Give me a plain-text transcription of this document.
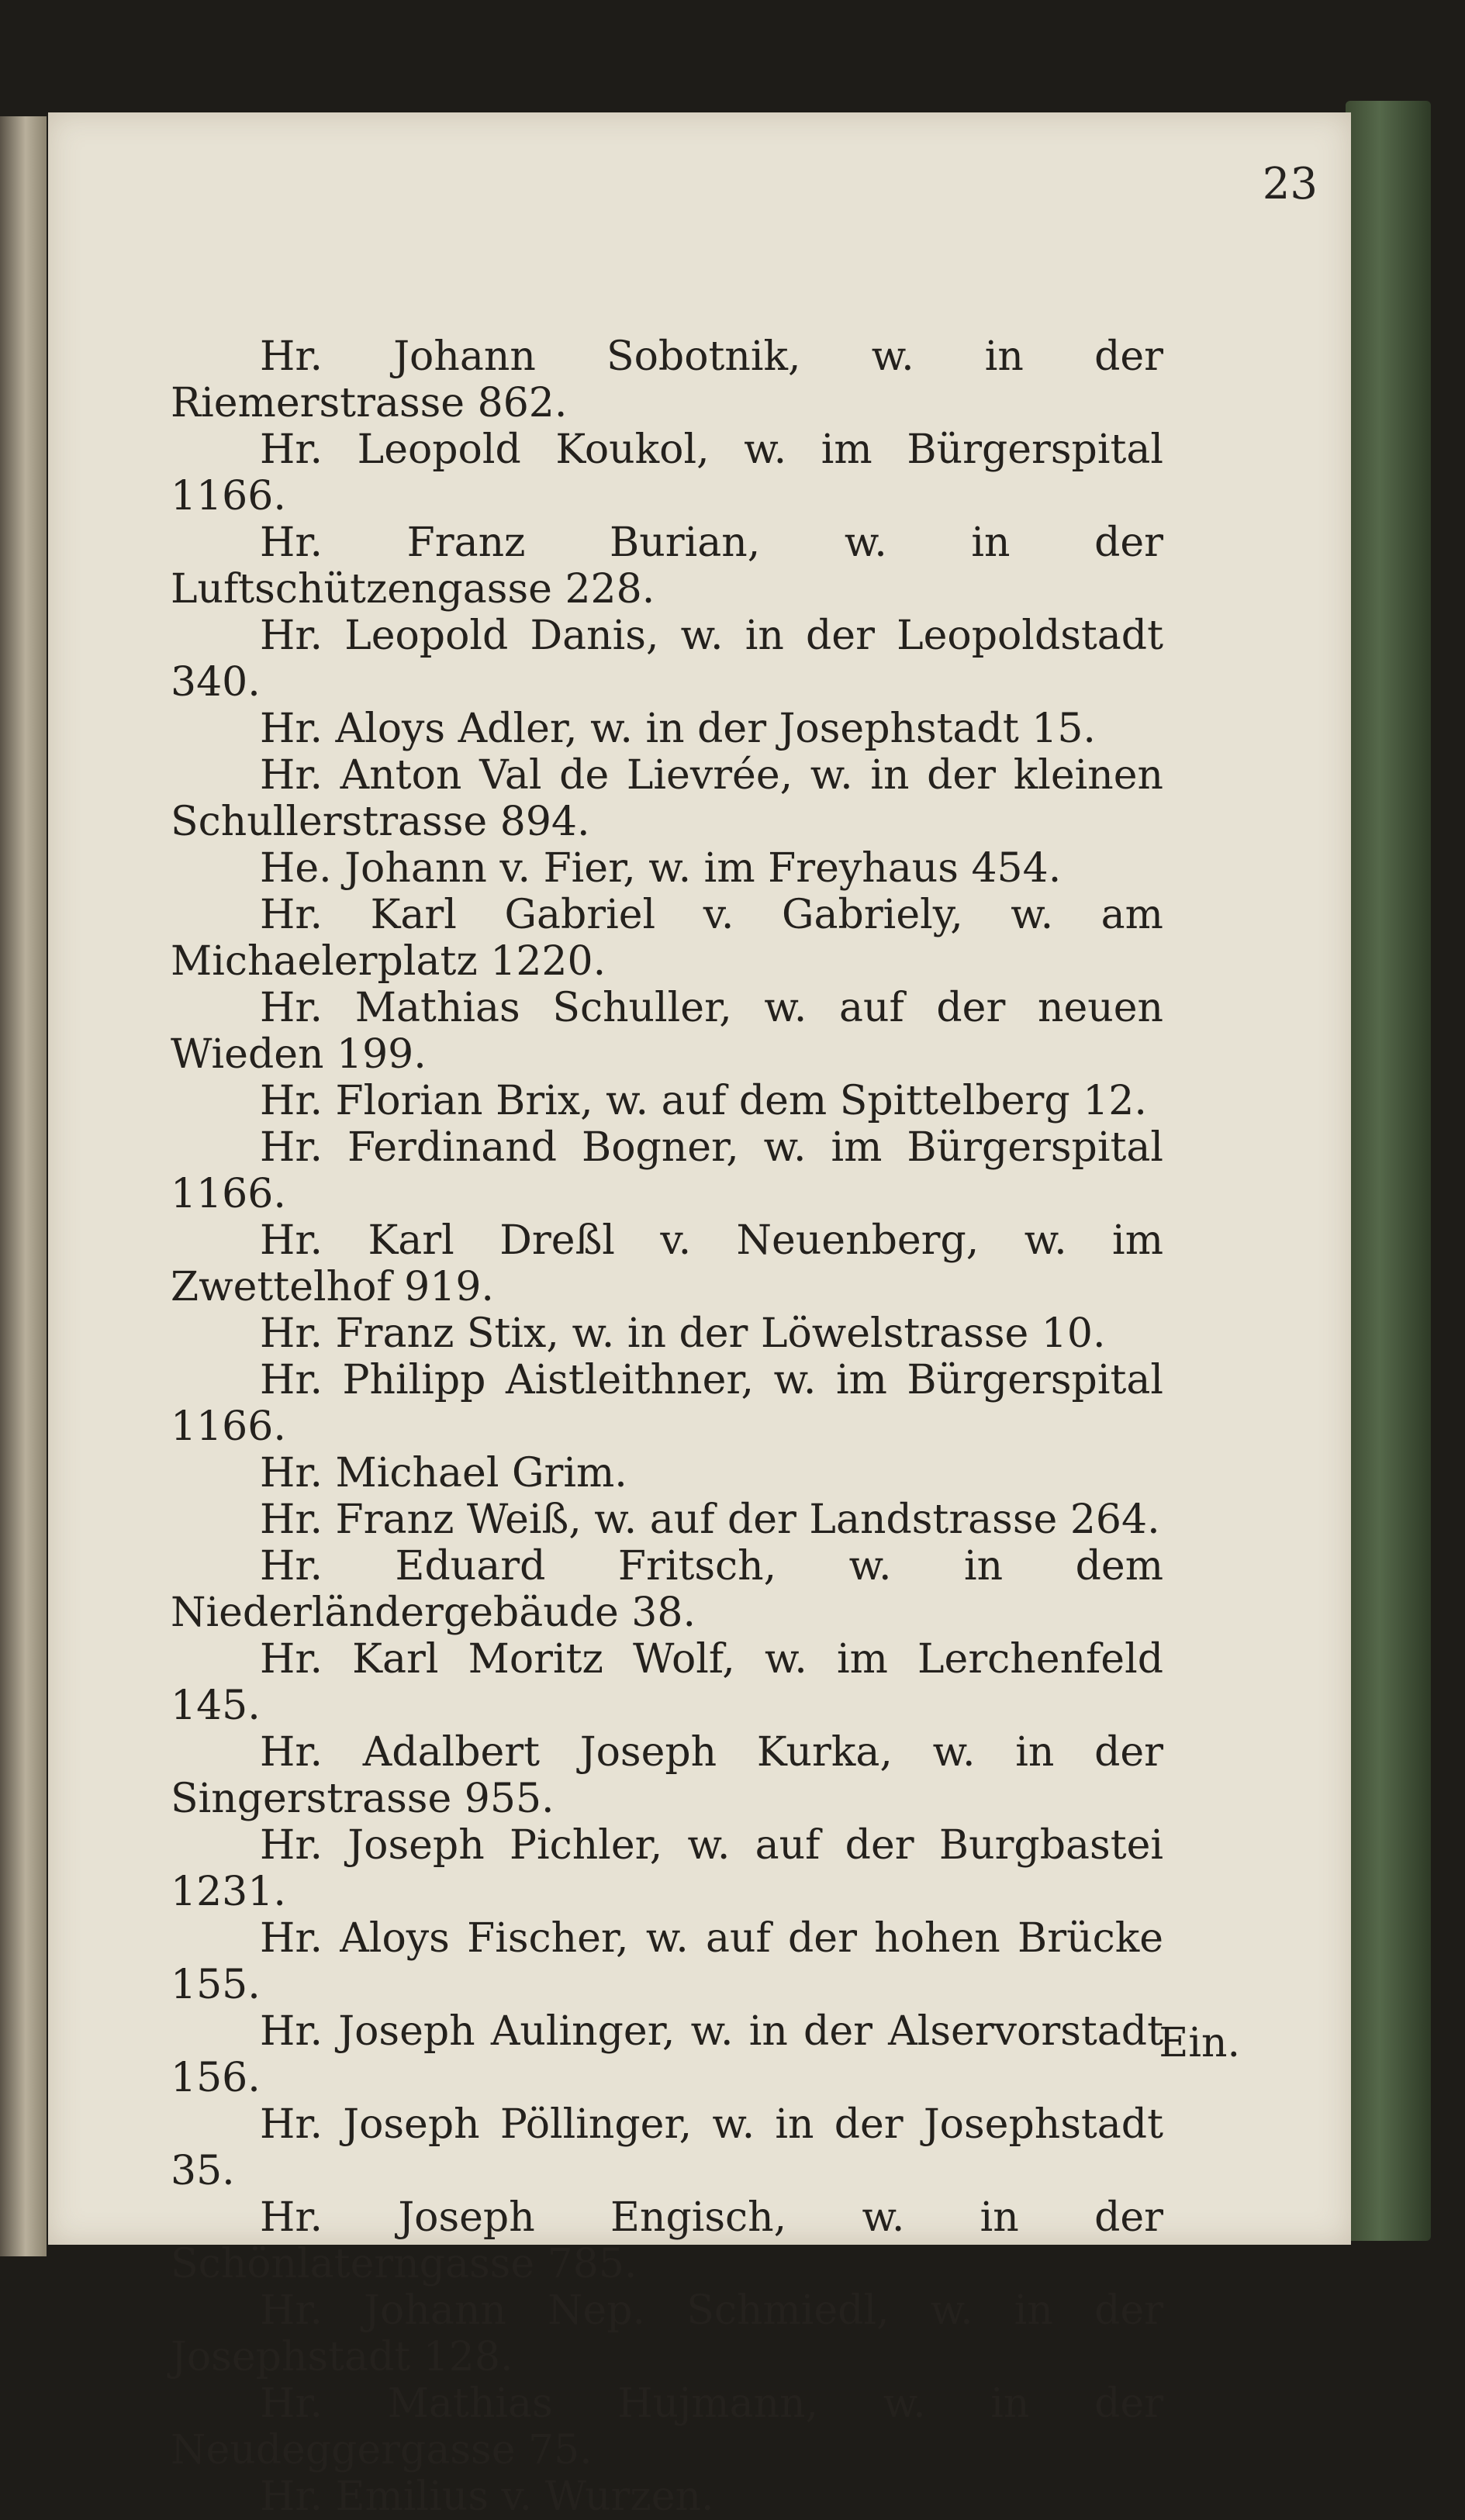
23

Hr. Johann Sobotnik, w. in der Riemerstrasse 862.

Hr. Leopold Koukol, w. im Bürgerspital 1166.

Hr. Franz Burian, w. in der Luftschützengasse 228.

Hr. Leopold Danis, w. in der Leopoldstadt 340.

Hr. Aloys Adler, w. in der Josephstadt 15.

Hr. Anton Val de Lievrée, w. in der kleinen Schullerstrasse 894.

He. Johann v. Fier, w. im Freyhaus 454.

Hr. Karl Gabriel v. Gabriely, w. am Michaelerplatz 1220.

Hr. Mathias Schuller, w. auf der neuen Wieden 199.

Hr. Florian Brix, w. auf dem Spittelberg 12.

Hr. Ferdinand Bogner, w. im Bürgerspital 1166.

Hr. Karl Dreßl v. Neuenberg, w. im Zwettelhof 919.

Hr. Franz Stix, w. in der Löwelstrasse 10.

Hr. Philipp Aistleithner, w. im Bürgerspital 1166.

Hr. Michael Grim.

Hr. Franz Weiß, w. auf der Landstrasse 264.

Hr. Eduard Fritsch, w. in dem Niederländergebäude 38.

Hr. Karl Moritz Wolf, w. im Lerchenfeld 145.

Hr. Adalbert Joseph Kurka, w. in der Singerstrasse 955.

Hr. Joseph Pichler, w. auf der Burgbastei 1231.

Hr. Aloys Fischer, w. auf der hohen Brücke 155.

Hr. Joseph Aulinger, w. in der Alservorstadt 156.

Hr. Joseph Pöllinger, w. in der Josephstadt 35.

Hr. Joseph Engisch, w. in der Schönlaterngasse 785.

Hr. Johann Nep. Schmiedl, w. in der Josephstadt 128.

Hr. Mathias Hujmann, w. in der Neudeggergasse 75.

Hr. Emilius v. Wurzen.

Ein.
